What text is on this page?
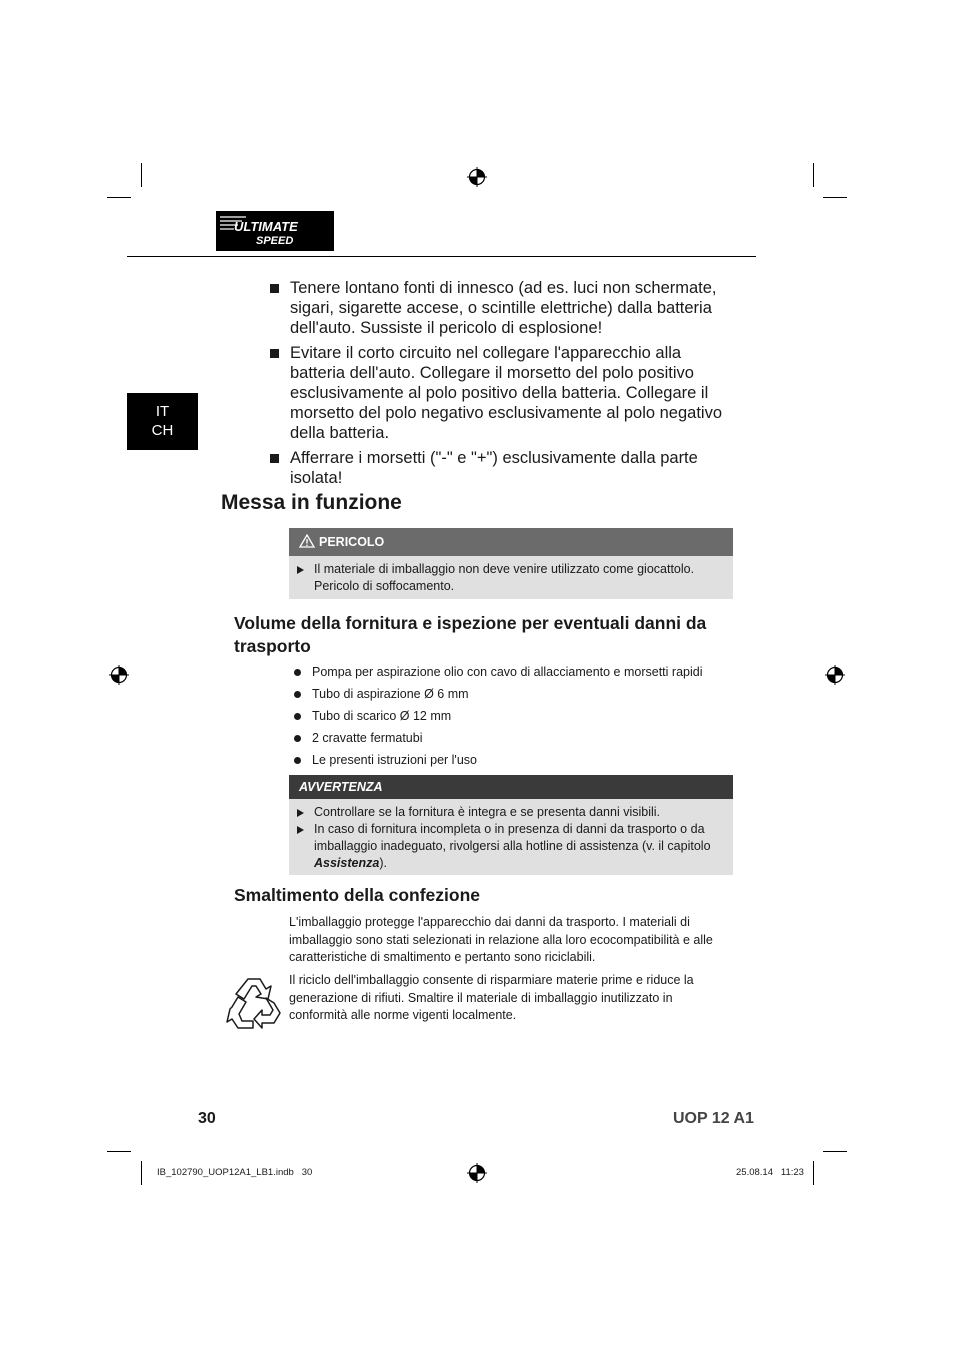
ULTIMATE
SPEED
IT
CH
Tenere lontano fonti di innesco (ad es. luci non schermate, sigari, sigarette accese, o scintille elettriche) dalla batteria dell'auto. Sussiste il pericolo di esplosione!
Evitare il corto circuito nel collegare l'apparecchio alla batteria dell'auto. Collegare il morsetto del polo positivo esclusivamente al polo positivo della batteria. Collegare il morsetto del polo negativo esclusivamente al polo negativo della batteria.
Afferrare i morsetti ("-" e "+") esclusivamente dalla parte isolata!
Messa in funzione
PERICOLO
Il materiale di imballaggio non deve venire utilizzato come giocattolo. Pericolo di soffocamento.
Volume della fornitura e ispezione per eventuali danni da trasporto
Pompa per aspirazione olio con cavo di allacciamento e morsetti rapidi
Tubo di aspirazione Ø 6 mm
Tubo di scarico Ø 12 mm
2 cravatte fermatubi
Le presenti istruzioni per l'uso
AVVERTENZA
Controllare se la fornitura è integra e se presenta danni visibili.
In caso di fornitura incompleta o in presenza di danni da trasporto o da imballaggio inadeguato, rivolgersi alla hotline di assistenza (v. il capitolo Assistenza).
Smaltimento della confezione

L'imballaggio protegge l'apparecchio dai danni da trasporto. I materiali di imballaggio sono stati selezionati in relazione alla loro ecocompatibilità e alle caratteristiche di smaltimento e pertanto sono riciclabili.

Il riciclo dell'imballaggio consente di risparmiare materie prime e riduce la generazione di rifiuti. Smaltire il materiale di imballaggio inutilizzato in conformità alle norme vigenti localmente.

30	UOP 12 A1
IB_102790_UOP12A1_LB1.indb   30	25.08.14   11:23
